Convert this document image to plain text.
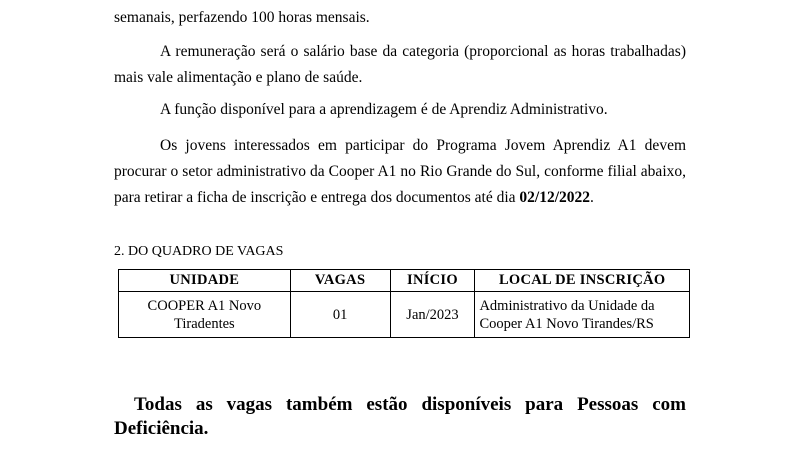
semanais, perfazendo 100 horas mensais.
A remuneração será o salário base da categoria (proporcional as horas trabalhadas) mais vale alimentação e plano de saúde.
A função disponível para a aprendizagem é de Aprendiz Administrativo.
Os jovens interessados em participar do Programa Jovem Aprendiz A1 devem procurar o setor administrativo da Cooper A1 no Rio Grande do Sul, conforme filial abaixo, para retirar a ficha de inscrição e entrega dos documentos até dia 02/12/2022.
2. DO QUADRO DE VAGAS
UNIDADE	VAGAS	INÍCIO	LOCAL DE INSCRIÇÃO
COOPER A1 Novo Tiradentes	01	Jan/2023	Administrativo da Unidade da Cooper A1 Novo Tirandes/RS
Todas as vagas também estão disponíveis para Pessoas com Deficiência.
